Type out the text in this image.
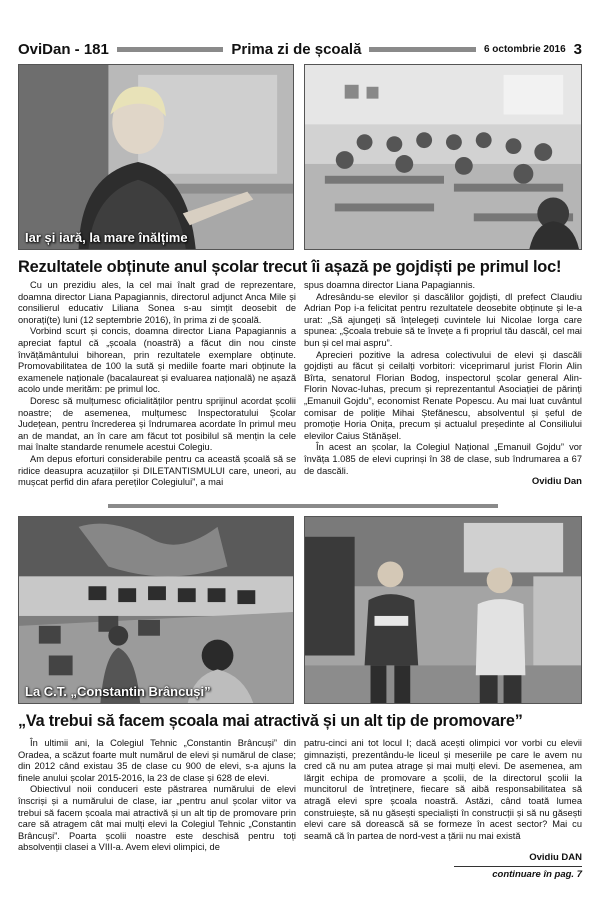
OviDan - 181	Prima zi de școală	6 octombrie 2016 3
Iar și iară, la mare înălțime
Rezultatele obținute anul școlar trecut îi așază pe gojdiști pe primul loc!

Cu un prezidiu ales, la cel mai înalt grad de reprezentare, doamna director Liana Papagiannis, directorul adjunct Anca Mile și consilierul educativ Liliana Sonea s-au simțit deosebit de onorați(te) luni (12 septembrie 2016), în prima zi de școală.

Vorbind scurt și concis, doamna director Liana Papagiannis a apreciat faptul că „școala (noastră) a făcut din nou cinste învățământului bihorean, prin rezultatele exemplare obținute. Promovabilitatea de 100 la sută și mediile foarte mari obținute la examenele naționale (bacalaureat și evaluarea națională) ne așază acolo unde merităm: pe primul loc.

Doresc să mulțumesc oficialităților pentru sprijinul acordat școlii noastre; de asemenea, mulțumesc Inspectoratului Școlar Județean, pentru încrederea și îndrumarea acordate în primul meu an de mandat, an în care am făcut tot posibilul să mențin la cele mai înalte standarde renumele acestui Colegiu.

Am depus eforturi considerabile pentru ca această școală să se ridice deasupra acuzațiilor și DILETANTISMULUI care, uneori, au mușcat perfid din afara pereților Colegiului”, a mai

spus doamna director Liana Papagiannis.

Adresându-se elevilor și dascălilor gojdiști, dl prefect Claudiu Adrian Pop i-a felicitat pentru rezultatele deosebite obținute și le-a urat: „Să ajungeți să înțelegeți cuvintele lui Nicolae Iorga care spunea: „Școala trebuie să te învețe a fi propriul tău dascăl, cel mai bun și cel mai aspru”.

Aprecieri pozitive la adresa colectivului de elevi și dascăli gojdiști au făcut și ceilalți vorbitori: viceprimarul jurist Florin Alin Bîrta, senatorul Florian Bodog, inspectorul școlar general Alin-Florin Novac-Iuhas, precum și reprezentantul Asociației de părinți „Emanuil Gojdu”, economist Renate Popescu. Au mai luat cuvântul comisar de poliție Mihai Ștefănescu, absolventul și șeful de promoție Horia Onița, precum și actualul președinte al Consiliului elevilor Caius Stănășel.

În acest an școlar, la Colegiul Național „Emanuil Gojdu” vor învăța 1.085 de elevi cuprinși în 38 de clase, sub îndrumarea a 67 de dascăli.

Ovidiu Dan
La C.T. „Constantin Brâncuși”
„Va trebui să facem școala mai atractivă și un alt tip de promovare”

În ultimii ani, la Colegiul Tehnic „Constantin Brâncuși” din Oradea, a scăzut foarte mult numărul de elevi și numărul de clase; din 2012 când existau 35 de clase cu 900 de elevi, s-a ajuns la finele anului școlar 2015-2016, la 23 de clase și 628 de elevi.

Obiectivul noii conduceri este păstrarea numărului de elevi înscriși și a numărului de clase, iar „pentru anul școlar viitor va trebui să facem școala mai atractivă și un alt tip de promovare prin care să atragem cât mai mulți elevi la Colegiul Tehnic „Constantin Brâncuși”. Poarta școlii noastre este deschisă pentru toți absolvenții clasei a VIII-a. Avem elevi olimpici, de

patru-cinci ani tot locul I; dacă acești olimpici vor vorbi cu elevii gimnaziști, prezentându-le liceul și meseriile pe care le avem nu cred că nu am putea atrage și mai mulți elevi. De asemenea, am lărgit echipa de promovare a școlii, de la directorul școlii la muncitorul de întreținere, fiecare să aibă responsabilitatea să atragă elevi spre școala noastră. Astăzi, când toată lumea construiește, să nu găsești specialiști în construcții și să nu găsești elevi care să dorească să se formeze în acest sector? Mai cu seamă că în partea de nord-vest a țării nu mai există

Ovidiu DAN
continuare în pag. 7
